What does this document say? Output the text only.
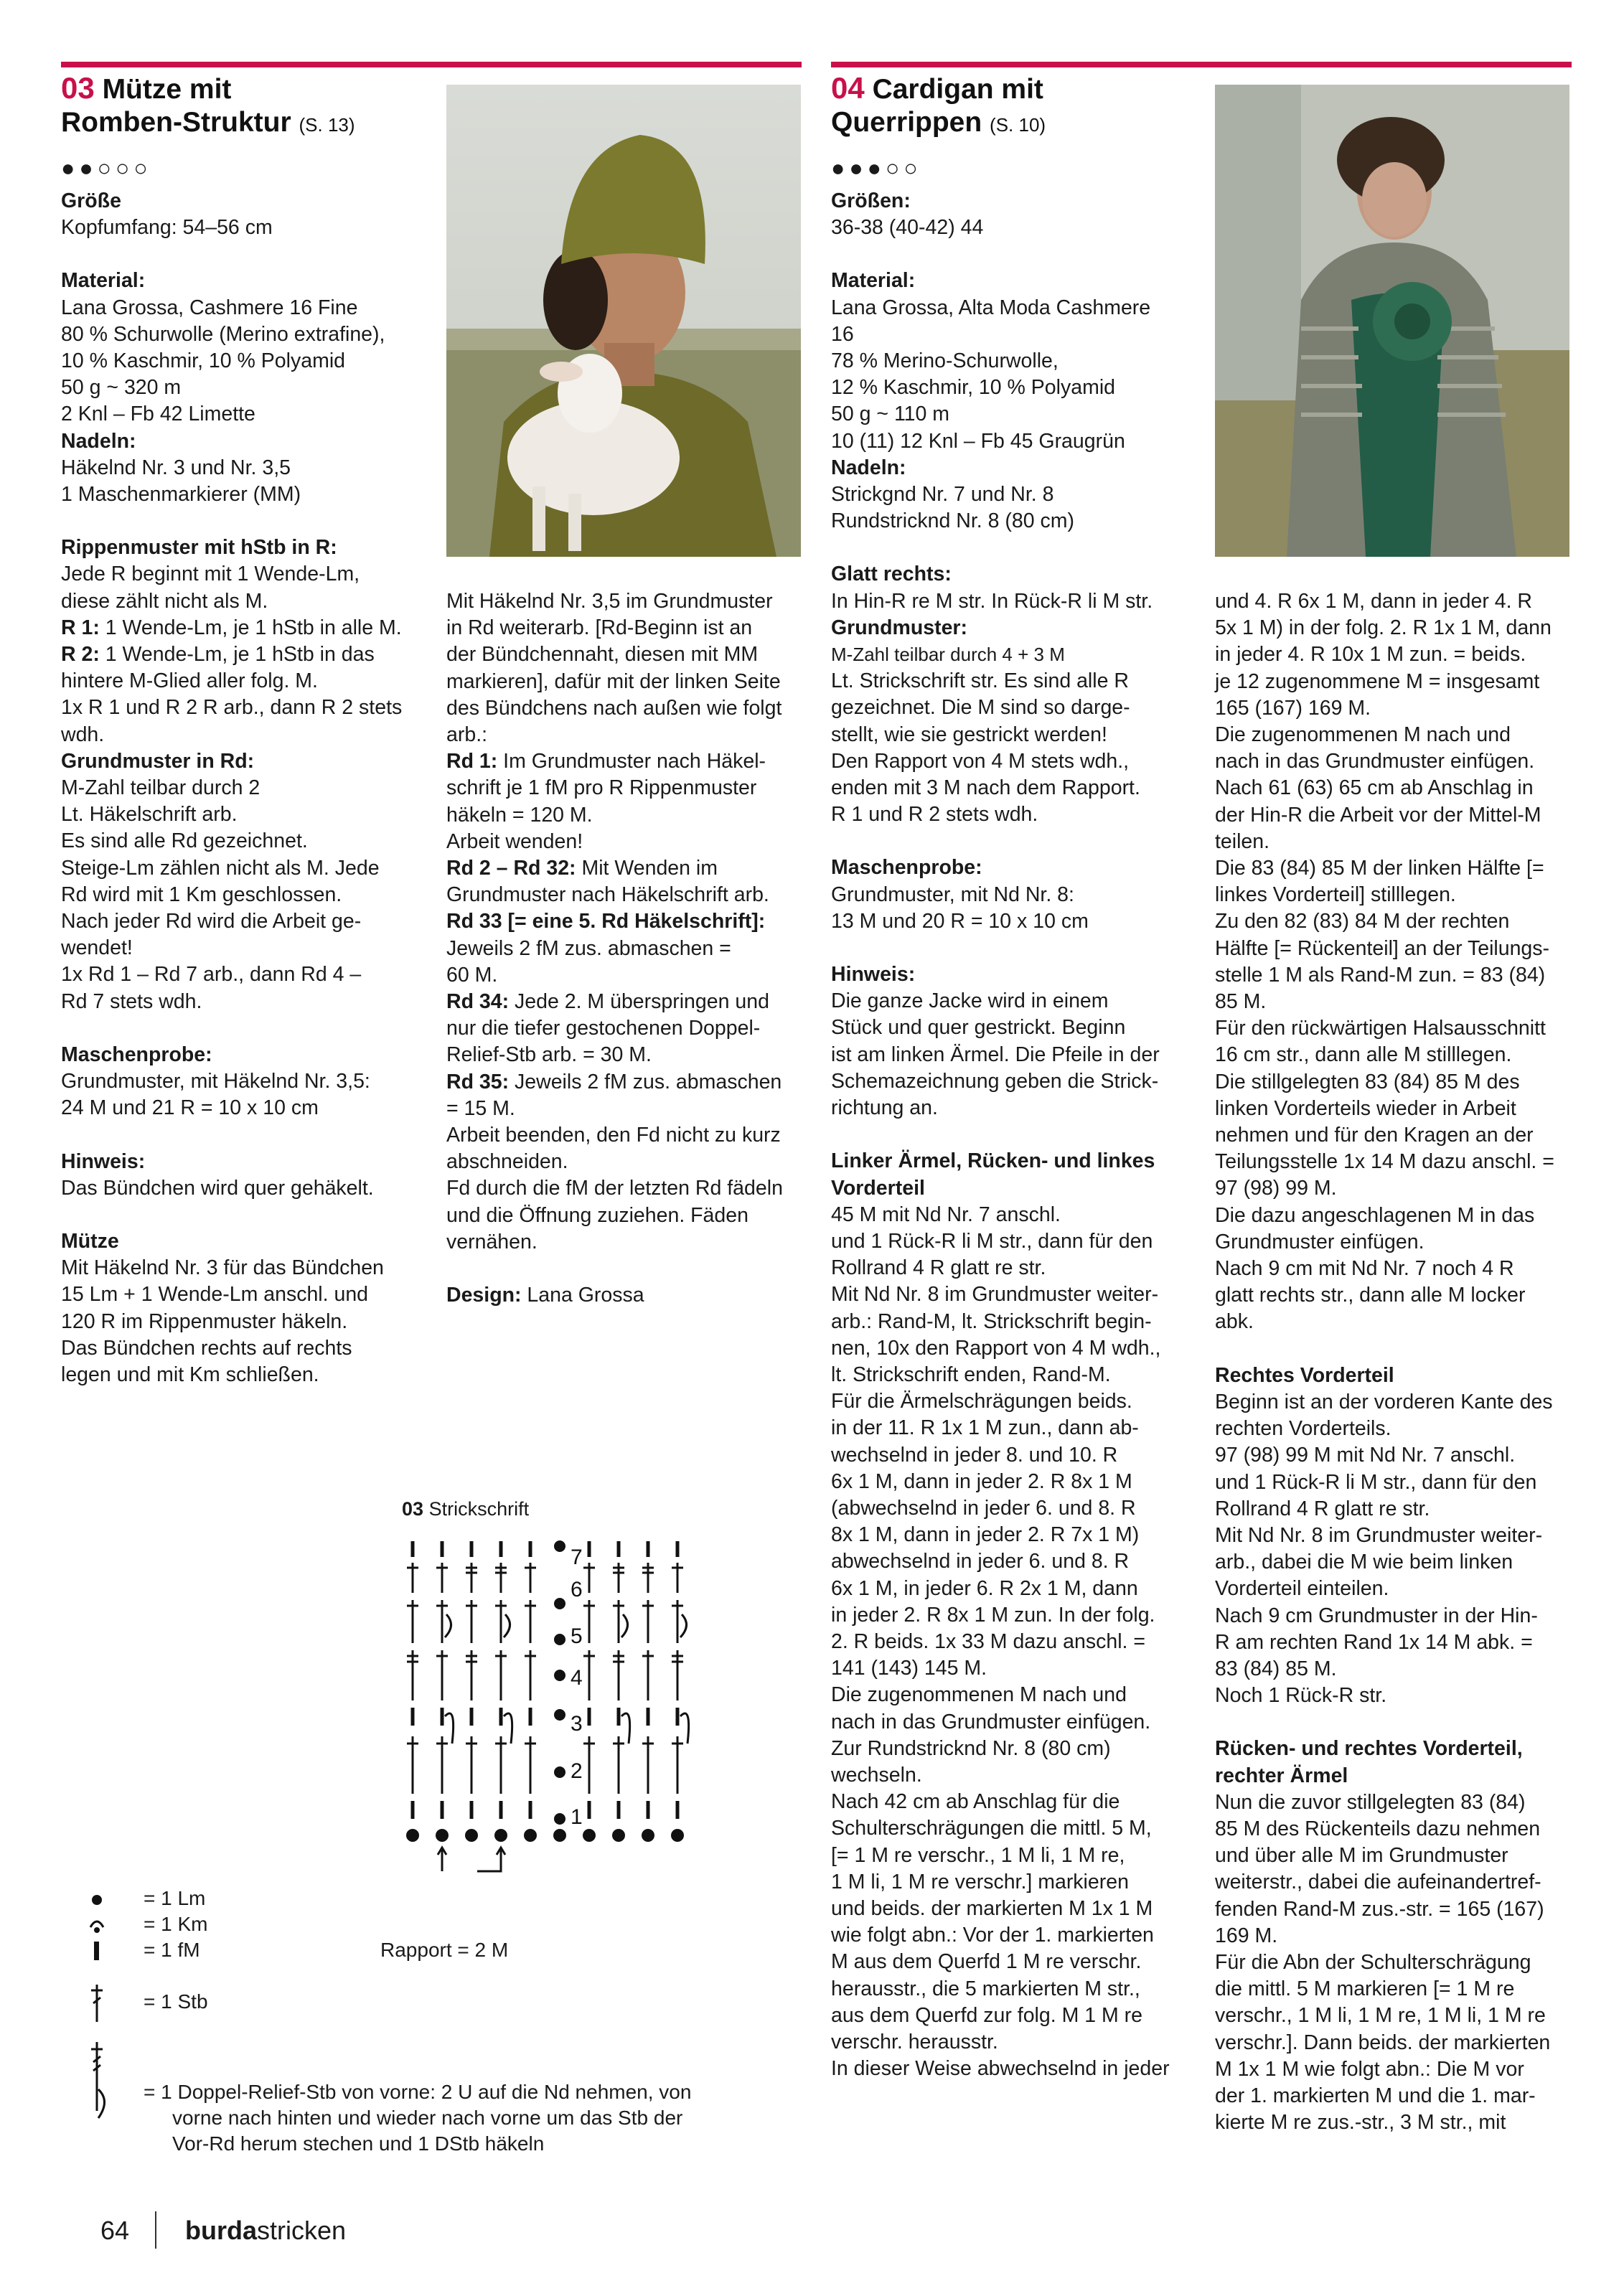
03 Mütze mit
Romben-Struktur (S. 13)
●●○○○

Größe

Kopfumfang: 54–56 cm

Material:

Lana Grossa, Cashmere 16 Fine

80 % Schurwolle (Merino extrafine),

10 % Kaschmir, 10 % Polyamid

50 g ~ 320 m

2 Knl – Fb 42 Limette

Nadeln:

Häkelnd Nr. 3 und Nr. 3,5

1 Maschenmarkierer (MM)

Rippenmuster mit hStb in R:

Jede R beginnt mit 1 Wende-Lm,

diese zählt nicht als M.

R 1: 1 Wende-Lm, je 1 hStb in alle M.

R 2: 1 Wende-Lm, je 1 hStb in das

hintere M-Glied aller folg. M.

1x R 1 und R 2 R arb., dann R 2 stets

wdh.

Grundmuster in Rd:

M-Zahl teilbar durch 2

Lt. Häkelschrift arb.

Es sind alle Rd gezeichnet.

Steige-Lm zählen nicht als M. Jede

Rd wird mit 1 Km geschlossen.

Nach jeder Rd wird die Arbeit ge-

wendet!

1x Rd 1 – Rd 7 arb., dann Rd 4 –

Rd 7 stets wdh.

Maschenprobe:

Grundmuster, mit Häkelnd Nr. 3,5:

24 M und 21 R = 10 x 10 cm

Hinweis:

Das Bündchen wird quer gehäkelt.

Mütze

Mit Häkelnd Nr. 3 für das Bündchen

15 Lm + 1 Wende-Lm anschl. und

120 R im Rippenmuster häkeln.

Das Bündchen rechts auf rechts

legen und mit Km schließen.

Mit Häkelnd Nr. 3,5 im Grundmuster

in Rd weiterarb. [Rd-Beginn ist an

der Bündchennaht, diesen mit MM

markieren], dafür mit der linken Seite

des Bündchens nach außen wie folgt

arb.:

Rd 1: Im Grundmuster nach Häkel-

schrift je 1 fM pro R Rippenmuster

häkeln = 120 M.

Arbeit wenden!

Rd 2 – Rd 32: Mit Wenden im

Grundmuster nach Häkelschrift arb.

Rd 33 [= eine 5. Rd Häkelschrift]:

Jeweils 2 fM zus. abmaschen =

60 M.

Rd 34: Jede 2. M überspringen und

nur die tiefer gestochenen Doppel-

Relief-Stb arb. = 30 M.

Rd 35: Jeweils 2 fM zus. abmaschen

= 15 M.

Arbeit beenden, den Fd nicht zu kurz

abschneiden.

Fd durch die fM der letzten Rd fädeln

und die Öffnung zuziehen. Fäden

vernähen.

Design: Lana Grossa

03 Strickschrift
7
6
5
4
3
2
1
Rapport = 2 M
= 1 Lm
= 1 Km
= 1 fM
= 1 Stb
= 1 Doppel-Relief-Stb von vorne: 2 U auf die Nd nehmen, von
vorne nach hinten und wieder nach vorne um das Stb der
Vor-Rd herum stechen und 1 DStb häkeln
04 Cardigan mit
Querrippen (S. 10)
●●●○○

Größen:

36-38 (40-42) 44

Material:

Lana Grossa, Alta Moda Cashmere

16

78 % Merino-Schurwolle,

12 % Kaschmir, 10 % Polyamid

50 g ~ 110 m

10 (11) 12 Knl – Fb 45 Graugrün

Nadeln:

Strickgnd Nr. 7 und Nr. 8

Rundstricknd Nr. 8 (80 cm)

Glatt rechts:

In Hin-R re M str. In Rück-R li M str.

Grundmuster:

M-Zahl teilbar durch 4 + 3 M

Lt. Strickschrift str. Es sind alle R

gezeichnet. Die M sind so darge-

stellt, wie sie gestrickt werden!

Den Rapport von 4 M stets wdh.,

enden mit 3 M nach dem Rapport.

R 1 und R 2 stets wdh.

Maschenprobe:

Grundmuster, mit Nd Nr. 8:

13 M und 20 R = 10 x 10 cm

Hinweis:

Die ganze Jacke wird in einem

Stück und quer gestrickt. Beginn

ist am linken Ärmel. Die Pfeile in der

Schemazeichnung geben die Strick-

richtung an.

Linker Ärmel, Rücken- und linkes

Vorderteil

45 M mit Nd Nr. 7 anschl.

und 1 Rück-R li M str., dann für den

Rollrand 4 R glatt re str.

Mit Nd Nr. 8 im Grundmuster weiter-

arb.: Rand-M, lt. Strickschrift begin-

nen, 10x den Rapport von 4 M wdh.,

lt. Strickschrift enden, Rand-M.

Für die Ärmelschrägungen beids.

in der 11. R 1x 1 M zun., dann ab-

wechselnd in jeder 8. und 10. R

6x 1 M, dann in jeder 2. R 8x 1 M

(abwechselnd in jeder 6. und 8. R

8x 1 M, dann in jeder 2. R 7x 1 M)

abwechselnd in jeder 6. und 8. R

6x 1 M, in jeder 6. R 2x 1 M, dann

in jeder 2. R 8x 1 M zun. In der folg.

2. R beids. 1x 33 M dazu anschl. =

141 (143) 145 M.

Die zugenommenen M nach und

nach in das Grundmuster einfügen.

Zur Rundstricknd Nr. 8 (80 cm)

wechseln.

Nach 42 cm ab Anschlag für die

Schulterschrägungen die mittl. 5 M,

[= 1 M re verschr., 1 M li, 1 M re,

1 M li, 1 M re verschr.] markieren

und beids. der markierten M 1x 1 M

wie folgt abn.: Vor der 1. markierten

M aus dem Querfd 1 M re verschr.

herausstr., die 5 markierten M str.,

aus dem Querfd zur folg. M 1 M re

verschr. herausstr.

In dieser Weise abwechselnd in jeder

und 4. R 6x 1 M, dann in jeder 4. R

5x 1 M) in der folg. 2. R 1x 1 M, dann

in jeder 4. R 10x 1 M zun. = beids.

je 12 zugenommene M = insgesamt

165 (167) 169 M.

Die zugenommenen M nach und

nach in das Grundmuster einfügen.

Nach 61 (63) 65 cm ab Anschlag in

der Hin-R die Arbeit vor der Mittel-M

teilen.

Die 83 (84) 85 M der linken Hälfte [=

linkes Vorderteil] stilllegen.

Zu den 82 (83) 84 M der rechten

Hälfte [= Rückenteil] an der Teilungs-

stelle 1 M als Rand-M zun. = 83 (84)

85 M.

Für den rückwärtigen Halsausschnitt

16 cm str., dann alle M stilllegen.

Die stillgelegten 83 (84) 85 M des

linken Vorderteils wieder in Arbeit

nehmen und für den Kragen an der

Teilungsstelle 1x 14 M dazu anschl. =

97 (98) 99 M.

Die dazu angeschlagenen M in das

Grundmuster einfügen.

Nach 9 cm mit Nd Nr. 7 noch 4 R

glatt rechts str., dann alle M locker

abk.

Rechtes Vorderteil

Beginn ist an der vorderen Kante des

rechten Vorderteils.

97 (98) 99 M mit Nd Nr. 7 anschl.

und 1 Rück-R li M str., dann für den

Rollrand 4 R glatt re str.

Mit Nd Nr. 8 im Grundmuster weiter-

arb., dabei die M wie beim linken

Vorderteil einteilen.

Nach 9 cm Grundmuster in der Hin-

R am rechten Rand 1x 14 M abk. =

83 (84) 85 M.

Noch 1 Rück-R str.

Rücken- und rechtes Vorderteil,

rechter Ärmel

Nun die zuvor stillgelegten 83 (84)

85 M des Rückenteils dazu nehmen

und über alle M im Grundmuster

weiterstr., dabei die aufeinandertref-

fenden Rand-M zus.-str. = 165 (167)

169 M.

Für die Abn der Schulterschrägung

die mittl. 5 M markieren [= 1 M re

verschr., 1 M li, 1 M re, 1 M li, 1 M re

verschr.]. Dann beids. der markierten

M 1x 1 M wie folgt abn.: Die M vor

der 1. markierten M und die 1. mar-

kierte M re zus.-str., 3 M str., mit

64 burdastricken
